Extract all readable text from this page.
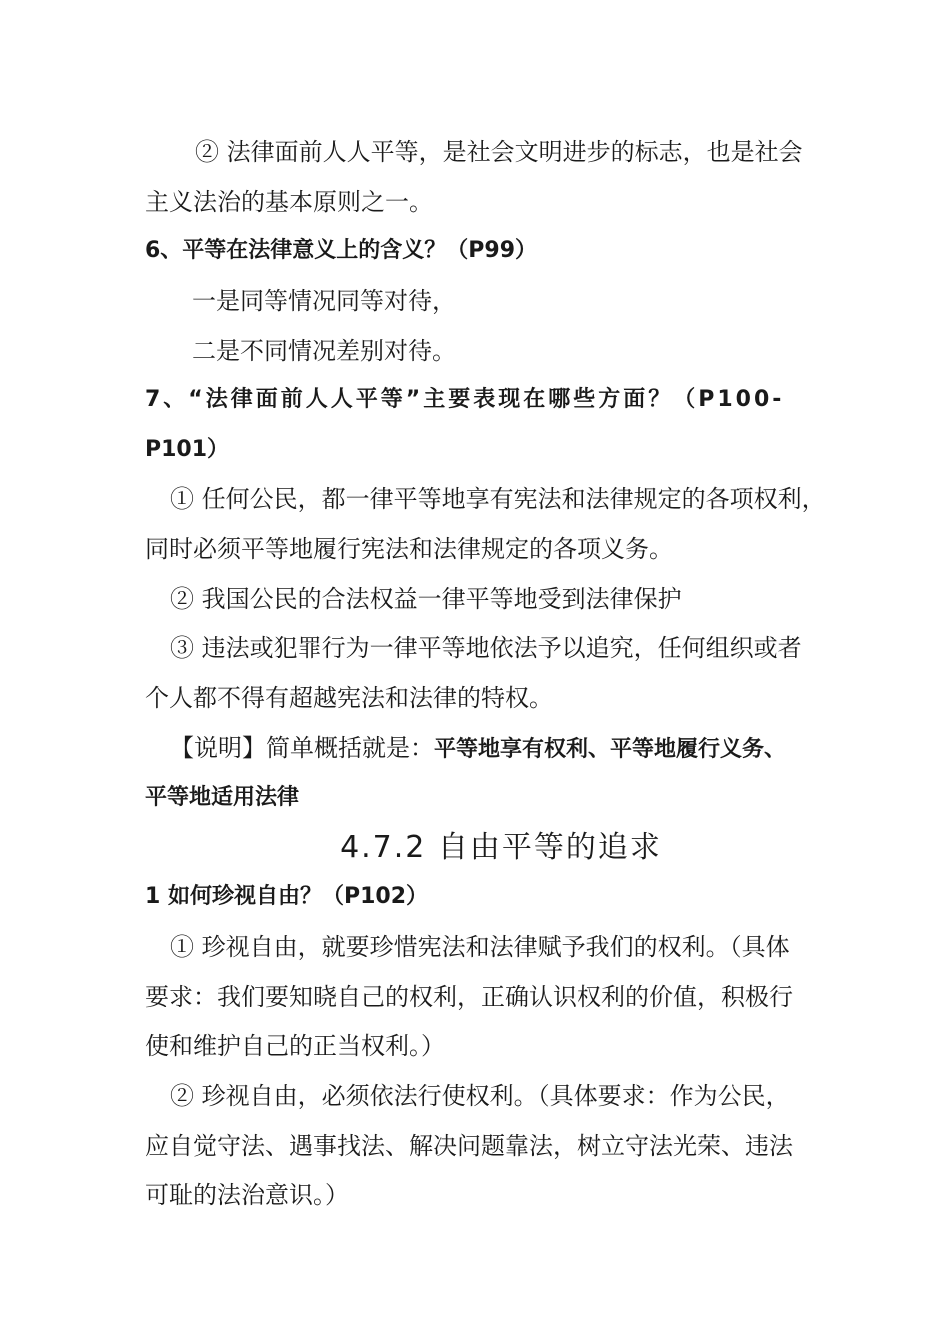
② 法律面前人人平等，是社会文明进步的标志，也是社会
主义法治的基本原则之一。
6、平等在法律意义上的含义？（P99）
一是同等情况同等对待，
二是不同情况差别对待。
7、“法律面前人人平等”主要表现在哪些方面？（P100-
P101）
① 任何公民，都一律平等地享有宪法和法律规定的各项权利，
同时必须平等地履行宪法和法律规定的各项义务。
② 我国公民的合法权益一律平等地受到法律保护
③ 违法或犯罪行为一律平等地依法予以追究，任何组织或者
个人都不得有超越宪法和法律的特权。
【说明】简单概括就是：平等地享有权利、平等地履行义务、
平等地适用法律
4.7.2 自由平等的追求
1 如何珍视自由？（P102）
① 珍视自由，就要珍惜宪法和法律赋予我们的权利。（具体
要求：我们要知晓自己的权利，正确认识权利的价值，积极行
使和维护自己的正当权利。）
② 珍视自由，必须依法行使权利。（具体要求：作为公民，
应自觉守法、遇事找法、解决问题靠法，树立守法光荣、违法
可耻的法治意识。）
